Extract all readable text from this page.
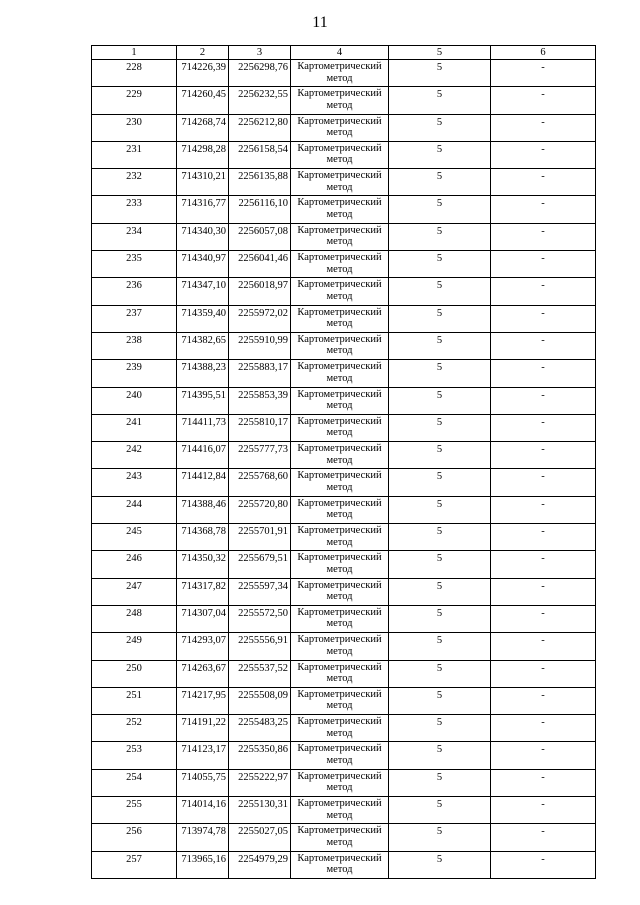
11
1	2	3	4	5	6
228	714226,39	2256298,76	Картометрический метод	5	-
229	714260,45	2256232,55	Картометрический метод	5	-
230	714268,74	2256212,80	Картометрический метод	5	-
231	714298,28	2256158,54	Картометрический метод	5	-
232	714310,21	2256135,88	Картометрический метод	5	-
233	714316,77	2256116,10	Картометрический метод	5	-
234	714340,30	2256057,08	Картометрический метод	5	-
235	714340,97	2256041,46	Картометрический метод	5	-
236	714347,10	2256018,97	Картометрический метод	5	-
237	714359,40	2255972,02	Картометрический метод	5	-
238	714382,65	2255910,99	Картометрический метод	5	-
239	714388,23	2255883,17	Картометрический метод	5	-
240	714395,51	2255853,39	Картометрический метод	5	-
241	714411,73	2255810,17	Картометрический метод	5	-
242	714416,07	2255777,73	Картометрический метод	5	-
243	714412,84	2255768,60	Картометрический метод	5	-
244	714388,46	2255720,80	Картометрический метод	5	-
245	714368,78	2255701,91	Картометрический метод	5	-
246	714350,32	2255679,51	Картометрический метод	5	-
247	714317,82	2255597,34	Картометрический метод	5	-
248	714307,04	2255572,50	Картометрический метод	5	-
249	714293,07	2255556,91	Картометрический метод	5	-
250	714263,67	2255537,52	Картометрический метод	5	-
251	714217,95	2255508,09	Картометрический метод	5	-
252	714191,22	2255483,25	Картометрический метод	5	-
253	714123,17	2255350,86	Картометрический метод	5	-
254	714055,75	2255222,97	Картометрический метод	5	-
255	714014,16	2255130,31	Картометрический метод	5	-
256	713974,78	2255027,05	Картометрический метод	5	-
257	713965,16	2254979,29	Картометрический метод	5	-
